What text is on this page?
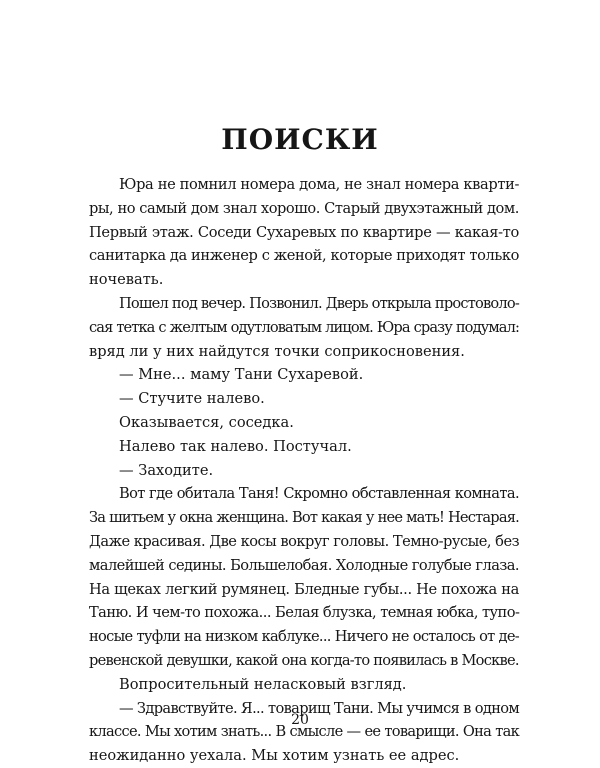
ПОИСКИ
Юра не помнил номера дома, не знал номера кварти-
ры, но самый дом знал хорошо. Старый двухэтажный дом.
Первый этаж. Соседи Сухаревых по квартире — какая-то
санитарка да инженер с женой, которые приходят только
ночевать.
Пошел под вечер. Позвонил. Дверь открыла простоволо-
сая тетка с желтым одутловатым лицом. Юра сразу подумал:
вряд ли у них найдутся точки соприкосновения.
— Мне... маму Тани Сухаревой.
— Стучите налево.
Оказывается, соседка.
Налево так налево. Постучал.
— Заходите.
Вот где обитала Таня! Скромно обставленная комната.
За шитьем у окна женщина. Вот какая у нее мать! Нестарая.
Даже красивая. Две косы вокруг головы. Темно-русые, без
малейшей седины. Большелобая. Холодные голубые глаза.
На щеках легкий румянец. Бледные губы... Не похожа на
Таню. И чем-то похожа... Белая блузка, темная юбка, тупо-
носые туфли на низком каблуке... Ничего не осталось от де-
ревенской девушки, какой она когда-то появилась в Москве.
Вопросительный неласковый взгляд.
— Здравствуйте. Я... товарищ Тани. Мы учимся в одном
классе. Мы хотим знать... В смысле — ее товарищи. Она так
неожиданно уехала. Мы хотим узнать ее адрес.
20
